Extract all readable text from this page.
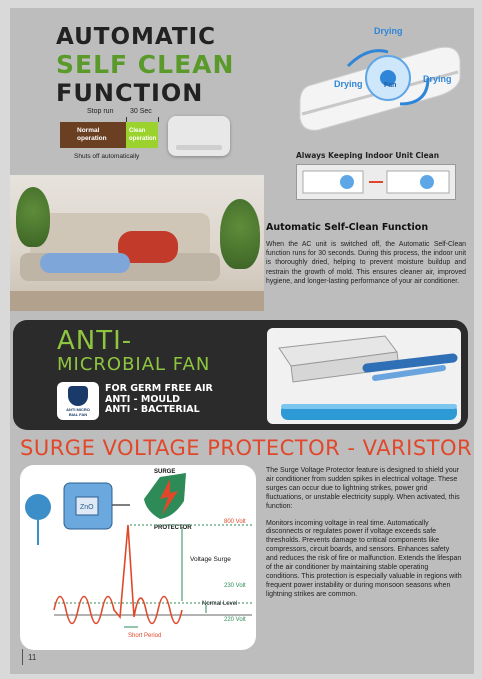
AUTOMATIC
SELF CLEAN
FUNCTION
Stop run 30 Sec
Normal
operation
Clean
operation
Shuts off automatically
Drying
Drying	Fan
Drying
Always Keeping Indoor Unit Clean
Automatic Self-Clean Function
When the AC unit is switched off, the Automatic Self-Clean function runs for 30 seconds. During this process, the indoor unit is thoroughly dried, helping to prevent moisture buildup and restrain the growth of mold. This ensures cleaner air, improved hygiene, and longer-lasting performance of your air conditioner.
ANTI-
MICROBIAL FAN
ANTI MICRO
BIAL FAN
FOR GERM FREE AIR
ANTI - MOULD
ANTI - BACTERIAL
SURGE VOLTAGE PROTECTOR - VARISTOR
ZnO
SURGE
PROTECTOR
Voltage Surge
Normal Level
800 Volt
230 Volt
220 Volt
Short Period

The Surge Voltage Protector feature is designed to shield your air conditioner from sudden spikes in electrical voltage. These surges can occur due to lightning strikes, power grid fluctuations, or unstable electricity supply. When activated, this function:

Monitors incoming voltage in real time. Automatically disconnects or regulates power if voltage exceeds safe thresholds. Prevents damage to critical components like compressors, circuit boards, and sensors. Enhances safety and reduces the risk of fire or malfunction. Extends the lifespan of the air conditioner by maintaining stable operating conditions. This protection is especially valuable in regions with frequent power instability or during monsoon seasons when lightning strikes are common.

11
